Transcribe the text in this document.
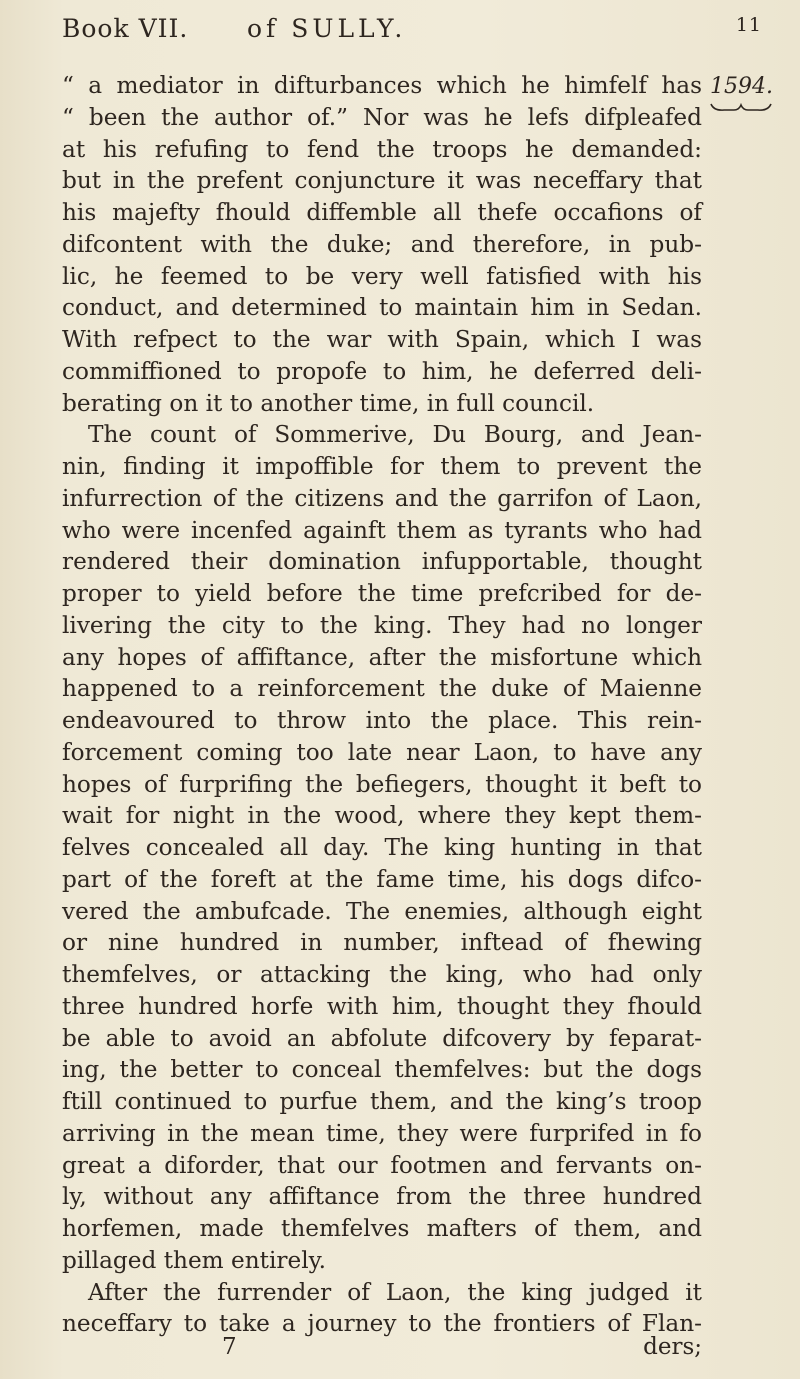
Book VII. of SULLY.	11
1594.
“ a mediator in difturbances which he himfelf has
“ been the author of.” Nor was he lefs difpleafed
at his refufing to fend the troops he demanded:
but in the prefent conjuncture it was neceffary that
his majefty fhould diffemble all thefe occafions of
difcontent with the duke; and therefore, in pub-
lic, he feemed to be very well fatisfied with his
conduct, and determined to maintain him in Sedan.
With refpect to the war with Spain, which I was
commiffioned to propofe to him, he deferred deli-
berating on it to another time, in full council.
The count of Sommerive, Du Bourg, and Jean-
nin, finding it impoffible for them to prevent the
infurrection of the citizens and the garrifon of Laon,
who were incenfed againft them as tyrants who had
rendered their domination infupportable, thought
proper to yield before the time prefcribed for de-
livering the city to the king. They had no longer
any hopes of affiftance, after the misfortune which
happened to a reinforcement the duke of Maienne
endeavoured to throw into the place. This rein-
forcement coming too late near Laon, to have any
hopes of furprifing the befiegers, thought it beft to
wait for night in the wood, where they kept them-
felves concealed all day. The king hunting in that
part of the foreft at the fame time, his dogs difco-
vered the ambufcade. The enemies, although eight
or nine hundred in number, inftead of fhewing
themfelves, or attacking the king, who had only
three hundred horfe with him, thought they fhould
be able to avoid an abfolute difcovery by feparat-
ing, the better to conceal themfelves: but the dogs
ftill continued to purfue them, and the king’s troop
arriving in the mean time, they were furprifed in fo
great a diforder, that our footmen and fervants on-
ly, without any affiftance from the three hundred
horfemen, made themfelves mafters of them, and
pillaged them entirely.
After the furrender of Laon, the king judged it
neceffary to take a journey to the frontiers of Flan-
7	ders;
